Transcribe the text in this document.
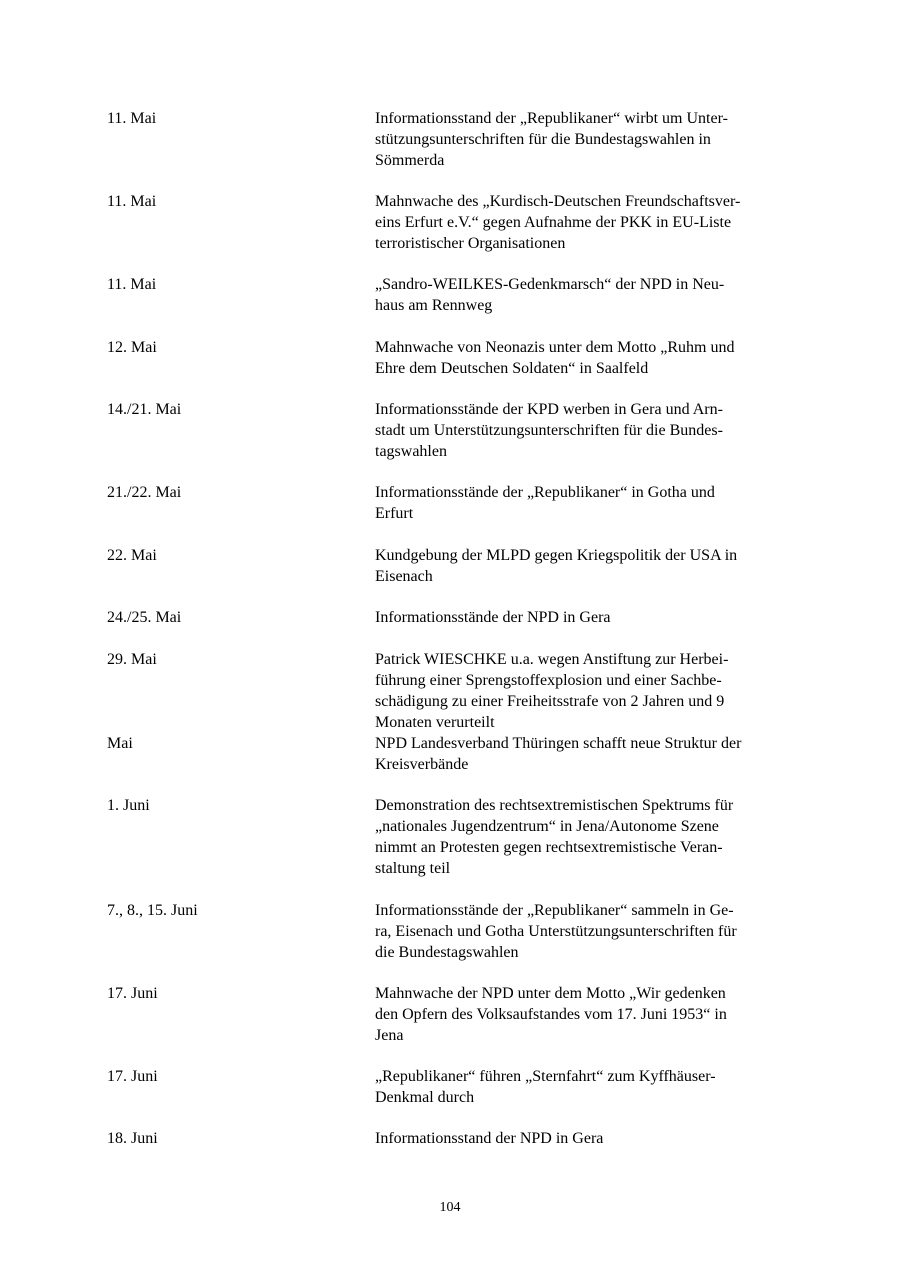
11. Mai	Informationsstand der „Republikaner“ wirbt um Unter-
stützungsunterschriften für die Bundestagswahlen in
Sömmerda
11. Mai	Mahnwache des „Kurdisch-Deutschen Freundschaftsver-
eins Erfurt e.V.“ gegen Aufnahme der PKK in EU-Liste
terroristischer Organisationen
11. Mai	„Sandro-WEILKES-Gedenkmarsch“ der NPD in Neu-
haus am Rennweg
12. Mai	Mahnwache von Neonazis unter dem Motto „Ruhm und
Ehre dem Deutschen Soldaten“ in Saalfeld
14./21. Mai	Informationsstände der KPD werben in Gera und Arn-
stadt um Unterstützungsunterschriften für die Bundes-
tagswahlen
21./22. Mai	Informationsstände der „Republikaner“ in Gotha und
Erfurt
22. Mai	Kundgebung der MLPD gegen Kriegspolitik der USA in
Eisenach
24./25. Mai	Informationsstände der NPD in Gera
29. Mai	Patrick WIESCHKE u.a. wegen Anstiftung zur Herbei-
führung einer Sprengstoffexplosion und einer Sachbe-
schädigung zu einer Freiheitsstrafe von 2 Jahren und 9
Monaten verurteilt
Mai	NPD Landesverband Thüringen schafft neue Struktur der
Kreisverbände
1. Juni	Demonstration des rechtsextremistischen Spektrums für
„nationales Jugendzentrum“ in Jena/Autonome Szene
nimmt an Protesten gegen rechtsextremistische Veran-
staltung teil
7., 8., 15. Juni	Informationsstände der „Republikaner“ sammeln in Ge-
ra, Eisenach und Gotha Unterstützungsunterschriften für
die Bundestagswahlen
17. Juni	Mahnwache der NPD unter dem Motto „Wir gedenken
den Opfern des Volksaufstandes vom 17. Juni 1953“ in
Jena
17. Juni	„Republikaner“ führen „Sternfahrt“ zum Kyffhäuser-
Denkmal durch
18. Juni	Informationsstand der NPD in Gera
104
